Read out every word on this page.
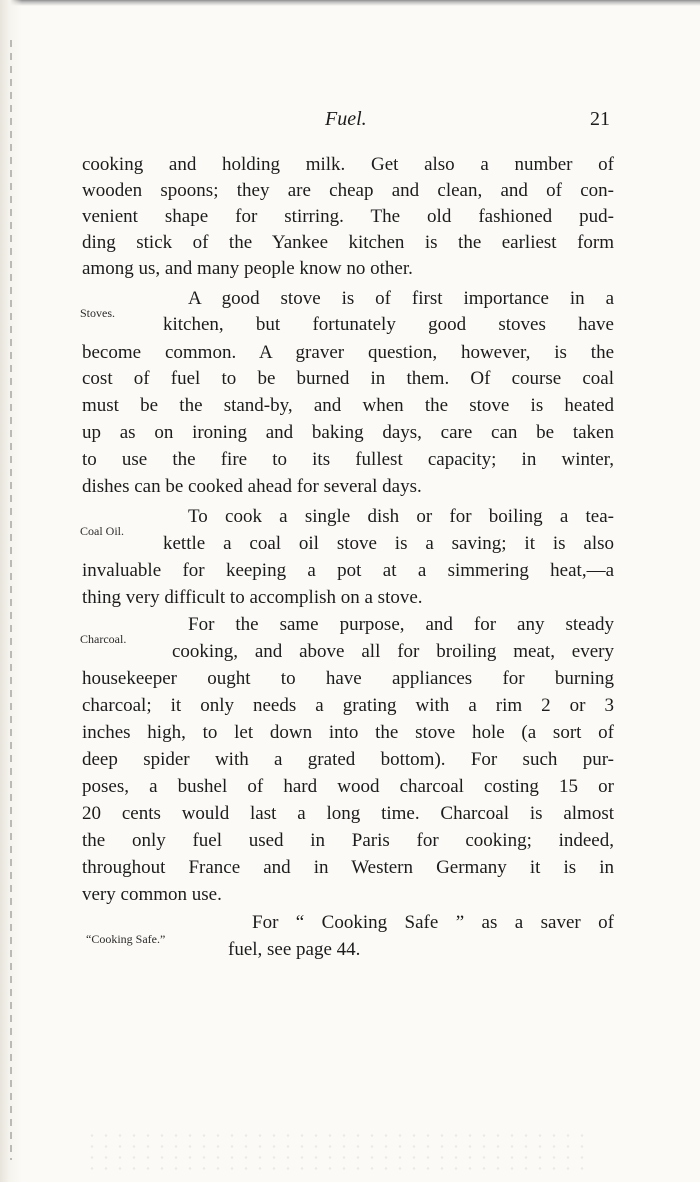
Fuel.	21
cooking and holding milk. Get also a number of
wooden spoons; they are cheap and clean, and of con-
venient shape for stirring. The old fashioned pud-
ding stick of the Yankee kitchen is the earliest form
among us, and many people know no other.
Stoves.
A good stove is of first importance in a
kitchen, but fortunately good stoves have
become common. A graver question, however, is the
cost of fuel to be burned in them. Of course coal
must be the stand-by, and when the stove is heated
up as on ironing and baking days, care can be taken
to use the fire to its fullest capacity; in winter,
dishes can be cooked ahead for several days.
Coal Oil.
To cook a single dish or for boiling a tea-
kettle a coal oil stove is a saving; it is also
invaluable for keeping a pot at a simmering heat,—a
thing very difficult to accomplish on a stove.
Charcoal.
For the same purpose, and for any steady
cooking, and above all for broiling meat, every
housekeeper ought to have appliances for burning
charcoal; it only needs a grating with a rim 2 or 3
inches high, to let down into the stove hole (a sort of
deep spider with a grated bottom). For such pur-
poses, a bushel of hard wood charcoal costing 15 or
20 cents would last a long time. Charcoal is almost
the only fuel used in Paris for cooking; indeed,
throughout France and in Western Germany it is in
very common use.
“Cooking Safe.”
For “ Cooking Safe ” as a saver of
fuel, see page 44.
